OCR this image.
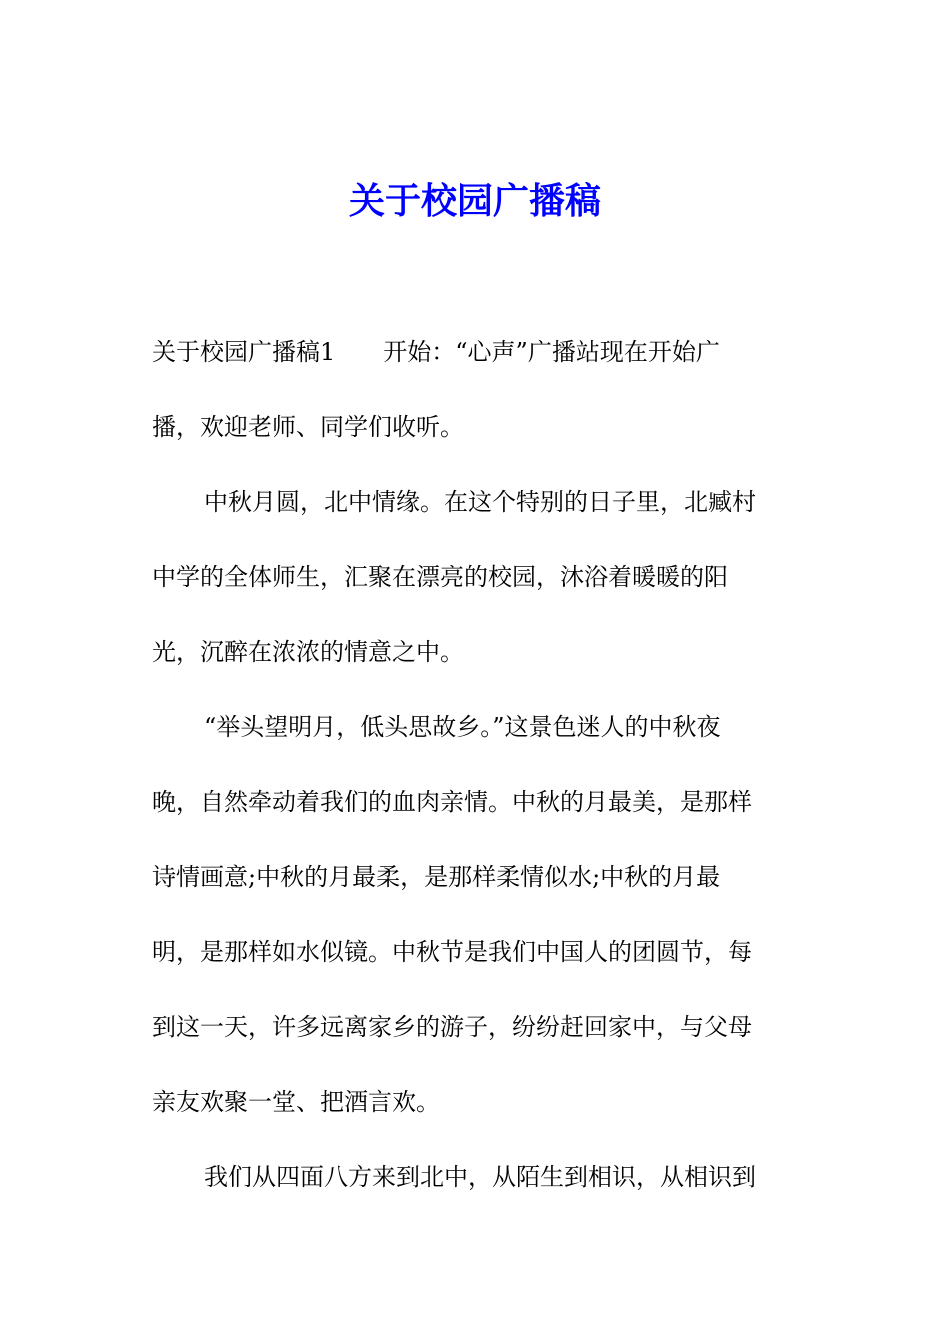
关于校园广播稿
关于校园广播稿1 开始：“心声”广播站现在开始广
播，欢迎老师、同学们收听。
中秋月圆，北中情缘。在这个特别的日子里，北臧村
中学的全体师生，汇聚在漂亮的校园，沐浴着暖暖的阳
光，沉醉在浓浓的情意之中。
“举头望明月，低头思故乡。”这景色迷人的中秋夜
晚，自然牵动着我们的血肉亲情。中秋的月最美，是那样
诗情画意;中秋的月最柔，是那样柔情似水;中秋的月最
明，是那样如水似镜。中秋节是我们中国人的团圆节，每
到这一天，许多远离家乡的游子，纷纷赶回家中，与父母
亲友欢聚一堂、把酒言欢。
我们从四面八方来到北中，从陌生到相识，从相识到
